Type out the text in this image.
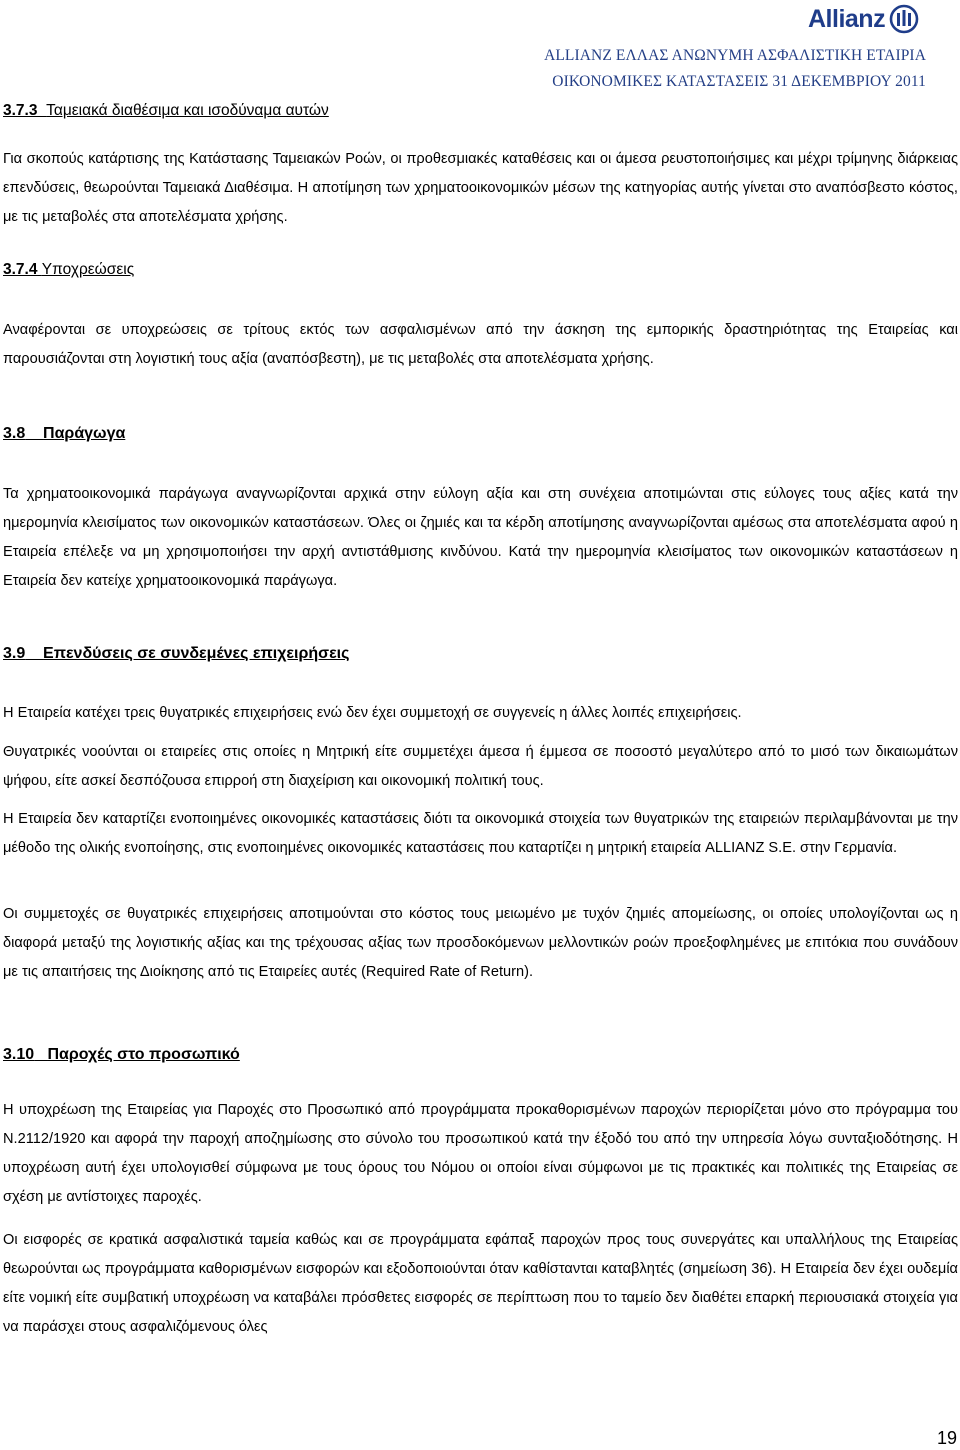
Allianz
ALLIANZ ΕΛΛΑΣ ΑΝΩΝΥΜΗ ΑΣΦΑΛΙΣΤΙΚΗ ΕΤΑΙΡΙΑ
ΟΙΚΟΝΟΜΙΚΕΣ ΚΑΤΑΣΤΑΣΕΙΣ 31 ΔΕΚΕΜΒΡΙΟΥ 2011
3.7.3 Ταμειακά διαθέσιμα και ισοδύναμα αυτών
Για σκοπούς κατάρτισης της Κατάστασης Ταμειακών Ροών, οι προθεσμιακές καταθέσεις και οι άμεσα ρευστοποιήσιμες και μέχρι τρίμηνης διάρκειας επενδύσεις, θεωρούνται Ταμειακά Διαθέσιμα. Η αποτίμηση των χρηματοοικονομικών μέσων της κατηγορίας αυτής γίνεται στο αναπόσβεστο κόστος, με τις μεταβολές στα αποτελέσματα χρήσης.
3.7.4 Υποχρεώσεις
Αναφέρονται σε υποχρεώσεις σε τρίτους εκτός των ασφαλισμένων από την άσκηση της εμπορικής δραστηριότητας της Εταιρείας και παρουσιάζονται στη λογιστική τους αξία (αναπόσβεστη), με τις μεταβολές στα αποτελέσματα χρήσης.
3.8 Παράγωγα
Τα χρηματοοικονομικά παράγωγα αναγνωρίζονται αρχικά στην εύλογη αξία και στη συνέχεια αποτιμώνται στις εύλογες τους αξίες κατά την ημερομηνία κλεισίματος των οικονομικών καταστάσεων. Όλες οι ζημιές και τα κέρδη αποτίμησης αναγνωρίζονται αμέσως στα αποτελέσματα αφού η Εταιρεία επέλεξε να μη χρησιμοποιήσει την αρχή αντιστάθμισης κινδύνου. Κατά την ημερομηνία κλεισίματος των οικονομικών καταστάσεων η Εταιρεία δεν κατείχε χρηματοοικονομικά παράγωγα.
3.9 Επενδύσεις σε συνδεμένες επιχειρήσεις
Η Εταιρεία κατέχει τρεις θυγατρικές επιχειρήσεις ενώ δεν έχει συμμετοχή σε συγγενείς η άλλες λοιπές επιχειρήσεις.
Θυγατρικές νοούνται οι εταιρείες στις οποίες η Μητρική είτε συμμετέχει άμεσα ή έμμεσα σε ποσοστό μεγαλύτερο από το μισό των δικαιωμάτων ψήφου, είτε ασκεί δεσπόζουσα επιρροή στη διαχείριση και οικονομική πολιτική τους.
Η Εταιρεία δεν καταρτίζει ενοποιημένες οικονομικές καταστάσεις διότι τα οικονομικά στοιχεία των θυγατρικών της εταιρειών περιλαμβάνονται με την μέθοδο της ολικής ενοποίησης, στις ενοποιημένες οικονομικές καταστάσεις που καταρτίζει η μητρική εταιρεία ALLIANZ S.E. στην Γερμανία.
Οι συμμετοχές σε θυγατρικές επιχειρήσεις αποτιμούνται στο κόστος τους μειωμένο με τυχόν ζημιές απομείωσης, οι οποίες υπολογίζονται ως η διαφορά μεταξύ της λογιστικής αξίας και της τρέχουσας αξίας των προσδοκόμενων μελλοντικών ροών προεξοφλημένες με επιτόκια που συνάδουν με τις απαιτήσεις της Διοίκησης από τις Εταιρείες αυτές (Required Rate of Return).
3.10 Παροχές στο προσωπικό
Η υποχρέωση της Εταιρείας για Παροχές στο Προσωπικό από προγράμματα προκαθορισμένων παροχών περιορίζεται μόνο στο πρόγραμμα του Ν.2112/1920 και αφορά την παροχή αποζημίωσης στο σύνολο του προσωπικού κατά την έξοδό του από την υπηρεσία λόγω συνταξιοδότησης. Η υποχρέωση αυτή έχει υπολογισθεί σύμφωνα με τους όρους του Νόμου οι οποίοι είναι σύμφωνοι με τις πρακτικές και πολιτικές της Εταιρείας σε σχέση με αντίστοιχες παροχές.
Οι εισφορές σε κρατικά ασφαλιστικά ταμεία καθώς και σε προγράμματα εφάπαξ παροχών προς τους συνεργάτες και υπαλλήλους της Εταιρείας θεωρούνται ως προγράμματα καθορισμένων εισφορών και εξοδοποιούνται όταν καθίστανται καταβλητές (σημείωση 36). Η Εταιρεία δεν έχει ουδεμία είτε νομική είτε συμβατική υποχρέωση να καταβάλει πρόσθετες εισφορές σε περίπτωση που το ταμείο δεν διαθέτει επαρκή περιουσιακά στοιχεία για να παράσχει στους ασφαλιζόμενους όλες
19
